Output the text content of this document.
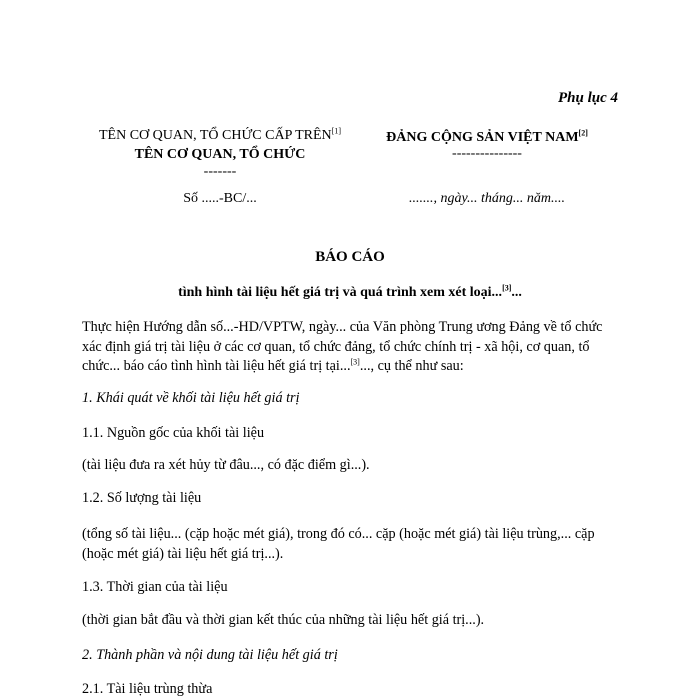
Phụ lục 4
TÊN CƠ QUAN, TỔ CHỨC CẤP TRÊN[1]
TÊN CƠ QUAN, TỔ CHỨC
-------
Số .....-BC/...
ĐẢNG CỘNG SẢN VIỆT NAM[2]
---------------
......., ngày... tháng... năm....
BÁO CÁO
tình hình tài liệu hết giá trị và quá trình xem xét loại...[3]...
Thực hiện Hướng dẫn số...-HD/VPTW, ngày... của Văn phòng Trung ương Đảng về tổ chức xác định giá trị tài liệu ở các cơ quan, tổ chức đảng, tổ chức chính trị - xã hội, cơ quan, tổ chức... báo cáo tình hình tài liệu hết giá trị tại...[3]..., cụ thể như sau:
1. Khái quát về khối tài liệu hết giá trị
1.1. Nguồn gốc của khối tài liệu
(tài liệu đưa ra xét hủy từ đâu..., có đặc điểm gì...).
1.2. Số lượng tài liệu
(tổng số tài liệu... (cặp hoặc mét giá), trong đó có... cặp (hoặc mét giá) tài liệu trùng,... cặp (hoặc mét giá) tài liệu hết giá trị...).
1.3. Thời gian của tài liệu
(thời gian bắt đầu và thời gian kết thúc của những tài liệu hết giá trị...).
2. Thành phần và nội dung tài liệu hết giá trị
2.1. Tài liệu trùng thừa
